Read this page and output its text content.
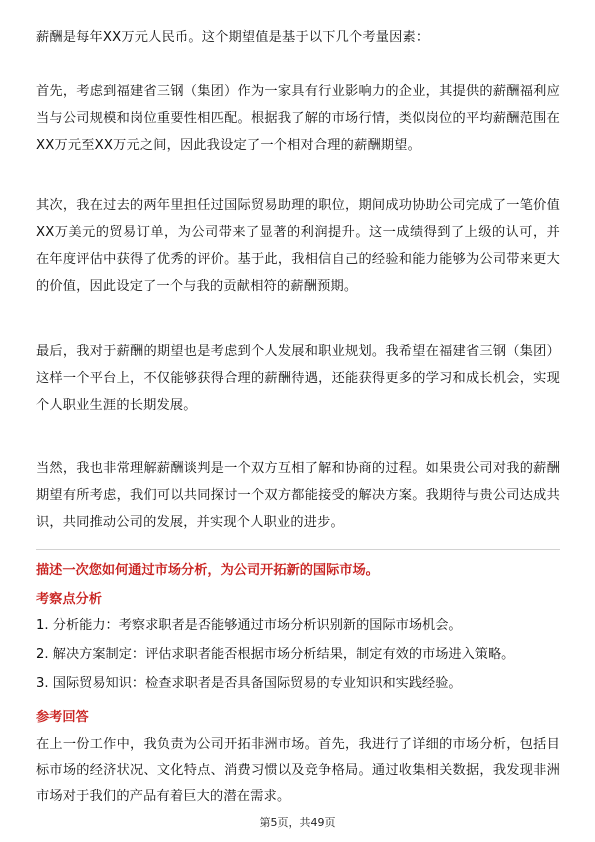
薪酬是每年XX万元人民币。这个期望值是基于以下几个考量因素：

首先，考虑到福建省三钢（集团）作为一家具有行业影响力的企业，其提供的薪酬福利应当与公司规模和岗位重要性相匹配。根据我了解的市场行情，类似岗位的平均薪酬范围在XX万元至XX万元之间，因此我设定了一个相对合理的薪酬期望。

其次，我在过去的两年里担任过国际贸易助理的职位，期间成功协助公司完成了一笔价值XX万美元的贸易订单，为公司带来了显著的利润提升。这一成绩得到了上级的认可，并在年度评估中获得了优秀的评价。基于此，我相信自己的经验和能力能够为公司带来更大的价值，因此设定了一个与我的贡献相符的薪酬预期。

最后，我对于薪酬的期望也是考虑到个人发展和职业规划。我希望在福建省三钢（集团）这样一个平台上，不仅能够获得合理的薪酬待遇，还能获得更多的学习和成长机会，实现个人职业生涯的长期发展。

当然，我也非常理解薪酬谈判是一个双方互相了解和协商的过程。如果贵公司对我的薪酬期望有所考虑，我们可以共同探讨一个双方都能接受的解决方案。我期待与贵公司达成共识，共同推动公司的发展，并实现个人职业的进步。

描述一次您如何通过市场分析，为公司开拓新的国际市场。

考察点分析

1. 分析能力：考察求职者是否能够通过市场分析识别新的国际市场机会。

2. 解决方案制定：评估求职者能否根据市场分析结果，制定有效的市场进入策略。

3. 国际贸易知识：检查求职者是否具备国际贸易的专业知识和实践经验。

参考回答

在上一份工作中，我负责为公司开拓非洲市场。首先，我进行了详细的市场分析，包括目标市场的经济状况、文化特点、消费习惯以及竞争格局。通过收集相关数据，我发现非洲市场对于我们的产品有着巨大的潜在需求。

第5页，共49页
